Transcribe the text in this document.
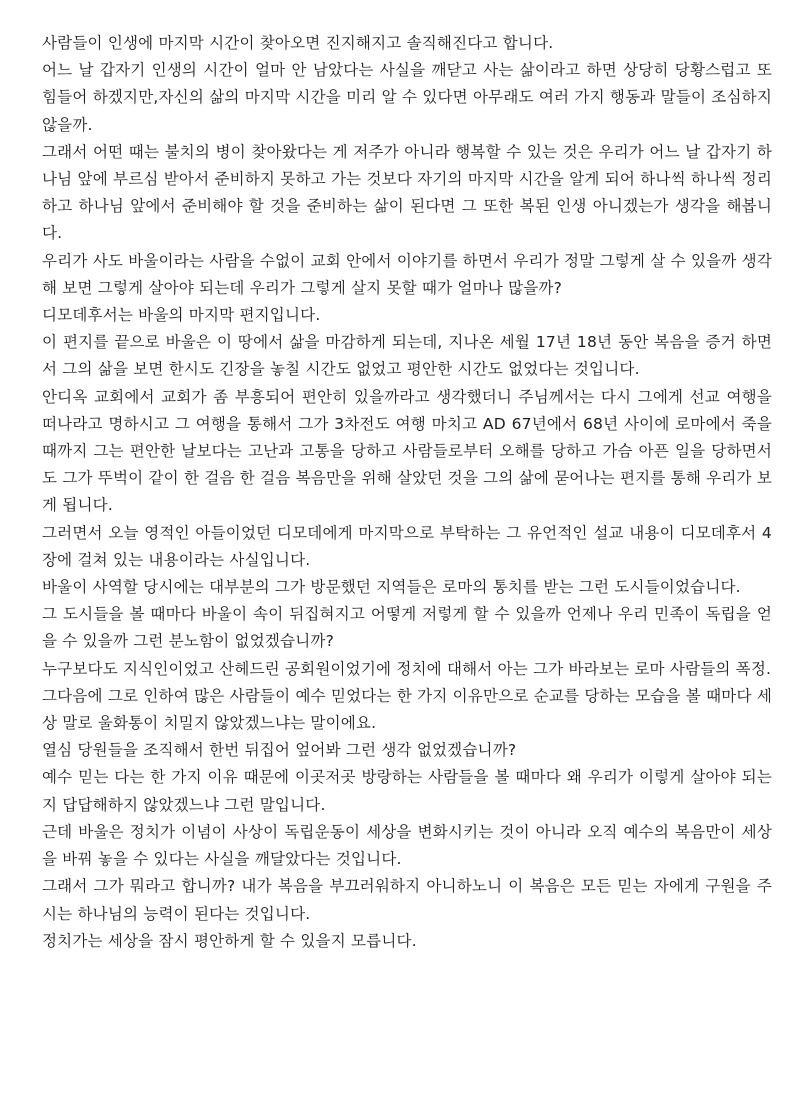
사람들이 인생에 마지막 시간이 찾아오면 진지해지고 솔직해진다고 합니다.

어느 날 갑자기 인생의 시간이 얼마 안 남았다는 사실을 깨닫고 사는 삶이라고 하면 상당히 당황스럽고 또 힘들어 하겠지만,자신의 삶의 마지막 시간을 미리 알 수 있다면 아무래도 여러 가지 행동과 말들이 조심하지 않을까.

그래서 어떤 때는 불치의 병이 찾아왔다는 게 저주가 아니라 행복할 수 있는 것은 우리가 어느 날 갑자기 하나님 앞에 부르심 받아서 준비하지 못하고 가는 것보다 자기의 마지막 시간을 알게 되어 하나씩 하나씩 정리하고 하나님 앞에서 준비해야 할 것을 준비하는 삶이 된다면 그 또한 복된 인생 아니겠는가 생각을 해봅니다.

우리가 사도 바울이라는 사람을 수없이 교회 안에서 이야기를 하면서 우리가 정말 그렇게 살 수 있을까 생각해 보면 그렇게 살아야 되는데 우리가 그렇게 살지 못할 때가 얼마나 많을까?

디모데후서는 바울의 마지막 편지입니다.

이 편지를 끝으로 바울은 이 땅에서 삶을 마감하게 되는데, 지나온 세월 17년 18년 동안 복음을 증거 하면서 그의 삶을 보면 한시도 긴장을 놓칠 시간도 없었고 평안한 시간도 없었다는 것입니다.

안디옥 교회에서 교회가 좀 부흥되어 편안히 있을까라고 생각했더니 주님께서는 다시 그에게 선교 여행을 떠나라고 명하시고 그 여행을 통해서 그가 3차전도 여행 마치고 AD 67년에서 68년 사이에 로마에서 죽을 때까지 그는 편안한 날보다는 고난과 고통을 당하고 사람들로부터 오해를 당하고 가슴 아픈 일을 당하면서도 그가 뚜벅이 같이 한 걸음 한 걸음 복음만을 위해 살았던 것을 그의 삶에 묻어나는 편지를 통해 우리가 보게 됩니다.

그러면서 오늘 영적인 아들이었던 디모데에게 마지막으로 부탁하는 그 유언적인 설교 내용이 디모데후서 4장에 걸쳐 있는 내용이라는 사실입니다.

바울이 사역할 당시에는 대부분의 그가 방문했던 지역들은 로마의 통치를 받는 그런 도시들이었습니다.

그 도시들을 볼 때마다 바울이 속이 뒤집혀지고 어떻게 저렇게 할 수 있을까 언제나 우리 민족이 독립을 얻을 수 있을까 그런 분노함이 없었겠습니까?

누구보다도 지식인이었고 산헤드린 공회원이었기에 정치에 대해서 아는 그가 바라보는 로마 사람들의 폭정.

그다음에 그로 인하여 많은 사람들이 예수 믿었다는 한 가지 이유만으로 순교를 당하는 모습을 볼 때마다 세상 말로 울화통이 치밀지 않았겠느냐는 말이에요.

열심 당원들을 조직해서 한번 뒤집어 엎어봐 그런 생각 없었겠습니까?

예수 믿는 다는 한 가지 이유 때문에 이곳저곳 방랑하는 사람들을 볼 때마다 왜 우리가 이렇게 살아야 되는지 답답해하지 않았겠느냐 그런 말입니다.

근데 바울은 정치가 이념이 사상이 독립운동이 세상을 변화시키는 것이 아니라 오직 예수의 복음만이 세상을 바꿔 놓을 수 있다는 사실을 깨달았다는 것입니다.

그래서 그가 뭐라고 합니까? 내가 복음을 부끄러워하지 아니하노니 이 복음은 모든 믿는 자에게 구원을 주시는 하나님의 능력이 된다는 것입니다.

정치가는 세상을 잠시 평안하게 할 수 있을지 모릅니다.
